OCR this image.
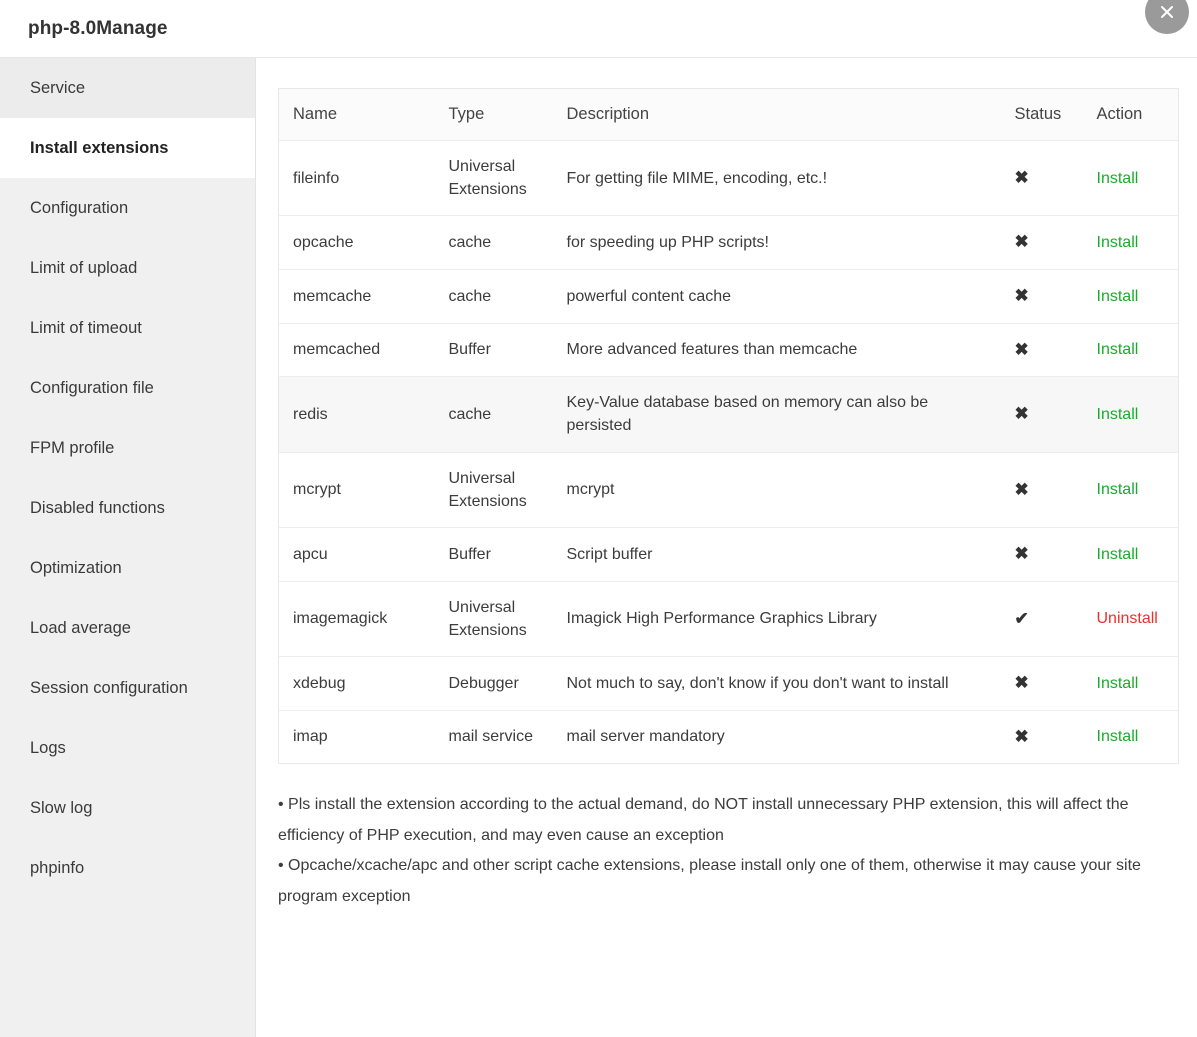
php-8.0Manage
Service
Install extensions
Configuration
Limit of upload
Limit of timeout
Configuration file
FPM profile
Disabled functions
Optimization
Load average
Session configuration
Logs
Slow log
phpinfo
Name	Type	Description	Status	Action
fileinfo	Universal Extensions	For getting file MIME, encoding, etc.!	✖	Install
opcache	cache	for speeding up PHP scripts!	✖	Install
memcache	cache	powerful content cache	✖	Install
memcached	Buffer	More advanced features than memcache	✖	Install
redis	cache	Key-Value database based on memory can also be persisted	✖	Install
mcrypt	Universal Extensions	mcrypt	✖	Install
apcu	Buffer	Script buffer	✖	Install
imagemagick	Universal Extensions	Imagick High Performance Graphics Library	✔	Uninstall
xdebug	Debugger	Not much to say, don't know if you don't want to install	✖	Install
imap	mail service	mail server mandatory	✖	Install
• Pls install the extension according to the actual demand, do NOT install unnecessary PHP extension, this will affect the efficiency of PHP execution, and may even cause an exception
• Opcache/xcache/apc and other script cache extensions, please install only one of them, otherwise it may cause your site program exception
